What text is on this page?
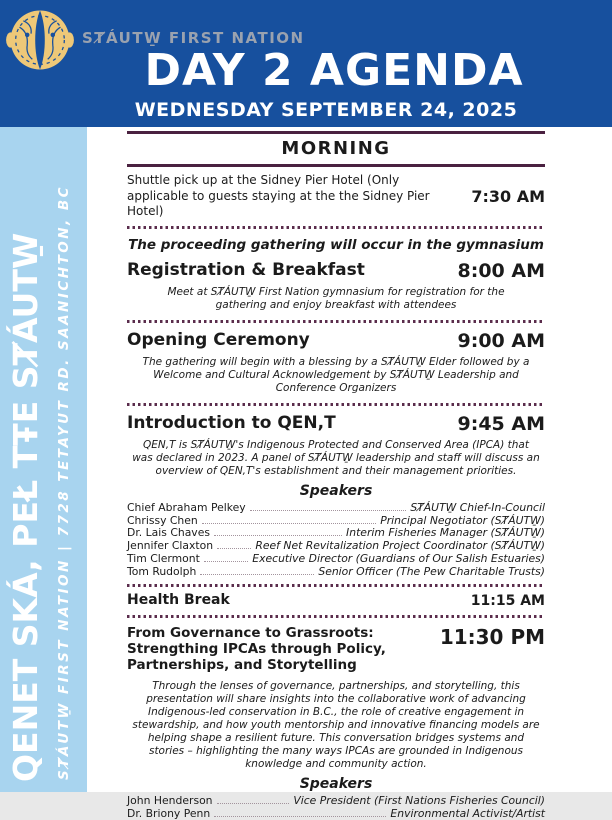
SȾÁUTW̱ FIRST NATION
DAY 2 AGENDA
WEDNESDAY SEPTEMBER 24, 2025
QENET SKÁ, PEŁ TŦE SȾÁUTW̱ SȾÁUTW̱ FIRST NATION | 7728 TETAYUT RD. SAANICHTON, BC
MORNING
Shuttle pick up at the Sidney Pier Hotel (Only applicable to guests staying at the the Sidney Pier Hotel)
7:30 AM
The proceeding gathering will occur in the gymnasium
Registration & Breakfast	8:00 AM
Meet at SȾÁUTW̱ First Nation gymnasium for registration for the gathering and enjoy breakfast with attendees
Opening Ceremony	9:00 AM
The gathering will begin with a blessing by a SȾÁUTW̱ Elder followed by a Welcome and Cultural Acknowledgement by SȾÁUTW̱ Leadership and Conference Organizers
Introduction to QEN,T	9:45 AM
QEN,T is SȾÁUTW̱'s Indigenous Protected and Conserved Area (IPCA) that was declared in 2023. A panel of SȾÁUTW̱ leadership and staff will discuss an overview of QEN,T's establishment and their management priorities.
Speakers
Chief Abraham Pelkey	SȾÁUTW̱ Chief-In-Council
Chrissy Chen	Principal Negotiator (SȾÁUTW̱)
Dr. Lais Chaves	Interim Fisheries Manager (SȾÁUTW̱)
Jennifer Claxton	Reef Net Revitalization Project Coordinator (SȾÁUTW̱)
Tim Clermont	Executive Director (Guardians of Our Salish Estuaries)
Tom Rudolph	Senior Officer (The Pew Charitable Trusts)
Health Break	11:15 AM
From Governance to Grassroots: Strengthing IPCAs through Policy, Partnerships, and Storytelling
11:30 PM
Through the lenses of governance, partnerships, and storytelling, this presentation will share insights into the collaborative work of advancing Indigenous-led conservation in B.C., the role of creative engagement in stewardship, and how youth mentorship and innovative financing models are helping shape a resilient future. This conversation bridges systems and stories – highlighting the many ways IPCAs are grounded in Indigenous knowledge and community action.
Speakers
John Henderson	Vice President (First Nations Fisheries Council)
Dr. Briony Penn	Environmental Activist/Artist
